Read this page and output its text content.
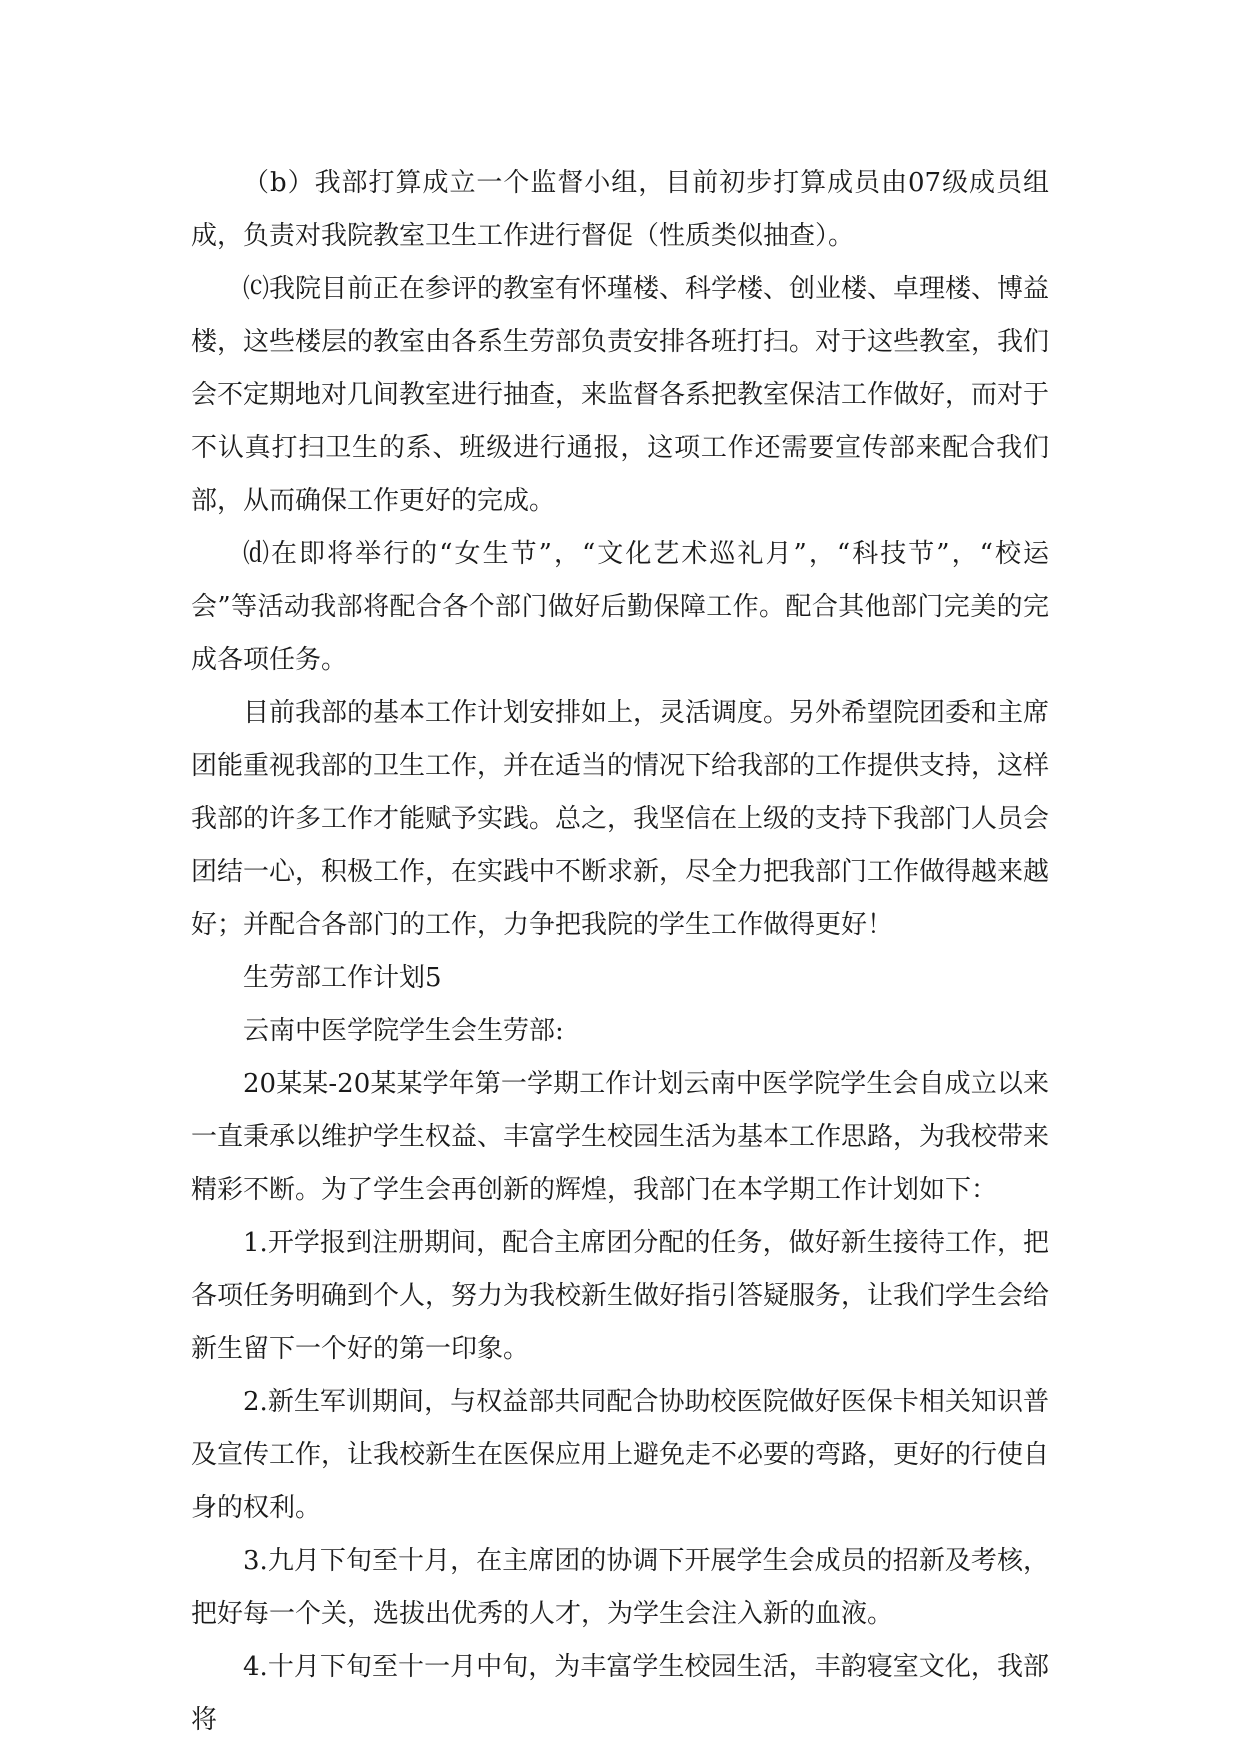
（b）我部打算成立一个监督小组，目前初步打算成员由07级成员组成，负责对我院教室卫生工作进行督促（性质类似抽查）。

⒞我院目前正在参评的教室有怀瑾楼、科学楼、创业楼、卓理楼、博益楼，这些楼层的教室由各系生劳部负责安排各班打扫。对于这些教室，我们会不定期地对几间教室进行抽查，来监督各系把教室保洁工作做好，而对于不认真打扫卫生的系、班级进行通报，这项工作还需要宣传部来配合我们部，从而确保工作更好的完成。

⒟在即将举行的“女生节”，“文化艺术巡礼月”，“科技节”，“校运会”等活动我部将配合各个部门做好后勤保障工作。配合其他部门完美的完成各项任务。

目前我部的基本工作计划安排如上，灵活调度。另外希望院团委和主席团能重视我部的卫生工作，并在适当的情况下给我部的工作提供支持，这样我部的许多工作才能赋予实践。总之，我坚信在上级的支持下我部门人员会团结一心，积极工作，在实践中不断求新，尽全力把我部门工作做得越来越好；并配合各部门的工作，力争把我院的学生工作做得更好！

生劳部工作计划5

云南中医学院学生会生劳部:

20某某-20某某学年第一学期工作计划云南中医学院学生会自成立以来一直秉承以维护学生权益、丰富学生校园生活为基本工作思路，为我校带来精彩不断。为了学生会再创新的辉煌，我部门在本学期工作计划如下：

1.开学报到注册期间，配合主席团分配的任务，做好新生接待工作，把各项任务明确到个人，努力为我校新生做好指引答疑服务，让我们学生会给新生留下一个好的第一印象。

2.新生军训期间，与权益部共同配合协助校医院做好医保卡相关知识普及宣传工作，让我校新生在医保应用上避免走不必要的弯路，更好的行使自身的权利。

3.九月下旬至十月，在主席团的协调下开展学生会成员的招新及考核，把好每一个关，选拔出优秀的人才，为学生会注入新的血液。

4.十月下旬至十一月中旬，为丰富学生校园生活，丰韵寝室文化，我部将
